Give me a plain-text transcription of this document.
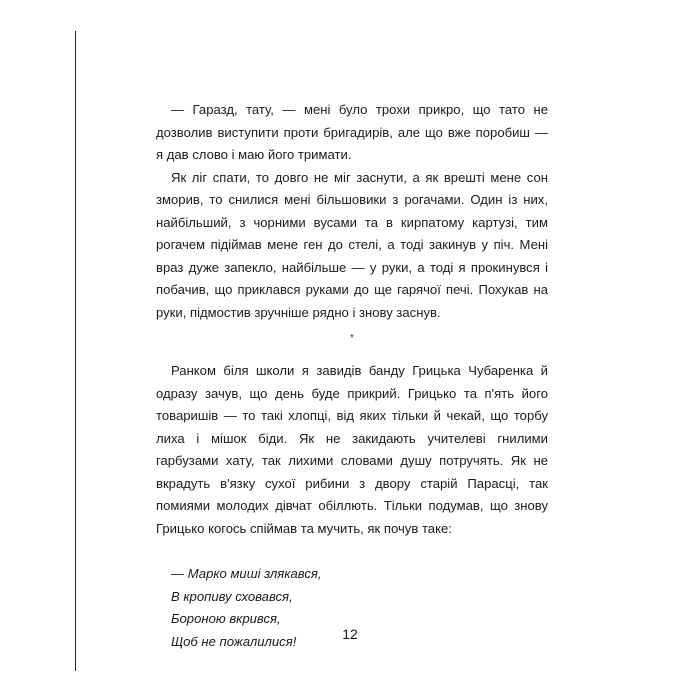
— Гаразд, тату, — мені було трохи прикро, що тато не дозволив виступити проти бригадирів, але що вже поробиш — я дав слово і маю його тримати.

Як ліг спати, то довго не міг заснути, а як врешті мене сон зморив, то снилися мені більшовики з рогачами. Один із них, найбільший, з чорними вусами та в кирпатому картузі, тим рогачем підіймав мене ген до стелі, а тоді закинув у піч. Мені враз дуже запекло, найбільше — у руки, а тоді я прокинувся і побачив, що приклався руками до ще гарячої печі. Похукав на руки, підмостив зручніше рядно і знову заснув.

*

Ранком біля школи я завидів банду Грицька Чубаренка й одразу зачув, що день буде прикрий. Грицько та п'ять його товаришів — то такі хлопці, від яких тільки й чекай, що торбу лиха і мішок біди. Як не закидають учителеві гнилими гарбузами хату, так лихими словами душу потручять. Як не вкрадуть в'язку сухої рибини з двору старій Парасці, так помиями молодих дівчат обіллють. Тільки подумав, що знову Грицько когось спіймав та мучить, як почув таке:

— Марко миші злякався,
В кропиву сховався,
Бороною вкрився,
Щоб не пожалилися!	12
